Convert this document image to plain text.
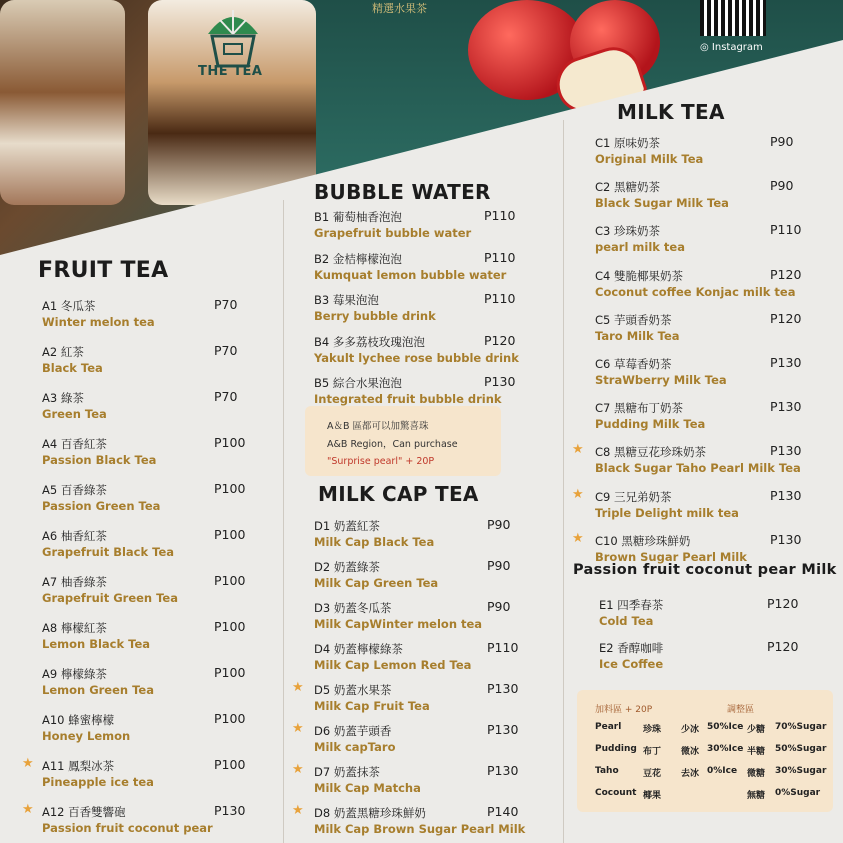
THE TEA
精選水果茶
◎ Instagram
FRUIT TEA
BUBBLE WATER
A＆B 區都可以加驚喜珠
A&B Region，Can purchase
"Surprise pearl" + 20P
MILK CAP TEA
MILK TEA
Passion fruit coconut pear Milk
加料區 + 20P	調整區
Pearl 珍珠
Pudding 布丁
Taho	豆花
Cocount 椰果
少冰 50%Ice
微冰 30%Ice
去冰 0%Ice
少糖 70%Sugar
半糖 50%Sugar
微糖 30%Sugar
無糖 0%Sugar
A1 冬瓜茶
Winter melon tea
P70
A2 紅茶
Black Tea
P70
A3 綠茶
Green Tea
P70
A4 百香紅茶
Passion Black Tea
P100
A5 百香綠茶
Passion Green Tea
P100
A6 柚香紅茶
Grapefruit Black Tea
P100
A7 柚香綠茶
Grapefruit Green Tea
P100
A8 檸檬紅茶
Lemon Black Tea
P100
A9 檸檬綠茶
Lemon Green Tea
P100
A10 蜂蜜檸檬
Honey Lemon
P100
A11 鳳梨冰茶
Pineapple ice tea
P100
★
A12 百香雙響砲
Passion fruit coconut pear
P130
★
B1 葡萄柚香泡泡
Grapefruit bubble water
P110
B2 金桔檸檬泡泡
Kumquat lemon bubble water
P110
B3 莓果泡泡
Berry bubble drink
P110
B4 多多荔枝玫瑰泡泡
Yakult lychee rose bubble drink
P120
B5 綜合水果泡泡
Integrated fruit bubble drink
P130
D1 奶蓋紅茶
Milk Cap Black Tea
P90
D2 奶蓋綠茶
Milk Cap Green Tea
P90
D3 奶蓋冬瓜茶
Milk CapWinter melon tea
P90
D4 奶蓋檸檬綠茶
Milk Cap Lemon Red Tea
P110
D5 奶蓋水果茶
Milk Cap Fruit Tea
P130
★
D6 奶蓋芋頭香
Milk capTaro
P130
★
D7 奶蓋抹茶
Milk Cap Matcha
P130
★
D8 奶蓋黑糖珍珠鮮奶
Milk Cap Brown Sugar Pearl Milk
P140
★
C1 原味奶茶
Original Milk Tea
P90
C2 黑糖奶茶
Black Sugar Milk Tea
P90
C3 珍珠奶茶
pearl milk tea
P110
C4 雙脆椰果奶茶
Coconut coffee Konjac milk tea
P120
C5 芋頭香奶茶
Taro Milk Tea
P120
C6 草莓香奶茶
StraWberry Milk Tea
P130
C7 黑糖布丁奶茶
Pudding Milk Tea
P130
C8 黑糖豆花珍珠奶茶
Black Sugar Taho Pearl Milk Tea
P130
★
C9 三兄弟奶茶
Triple Delight milk tea
P130
★
C10 黑糖珍珠鮮奶
Brown Sugar Pearl Milk
P130
★
E1 四季春茶
Cold Tea
P120
E2 香醇咖啡
Ice Coffee
P120
